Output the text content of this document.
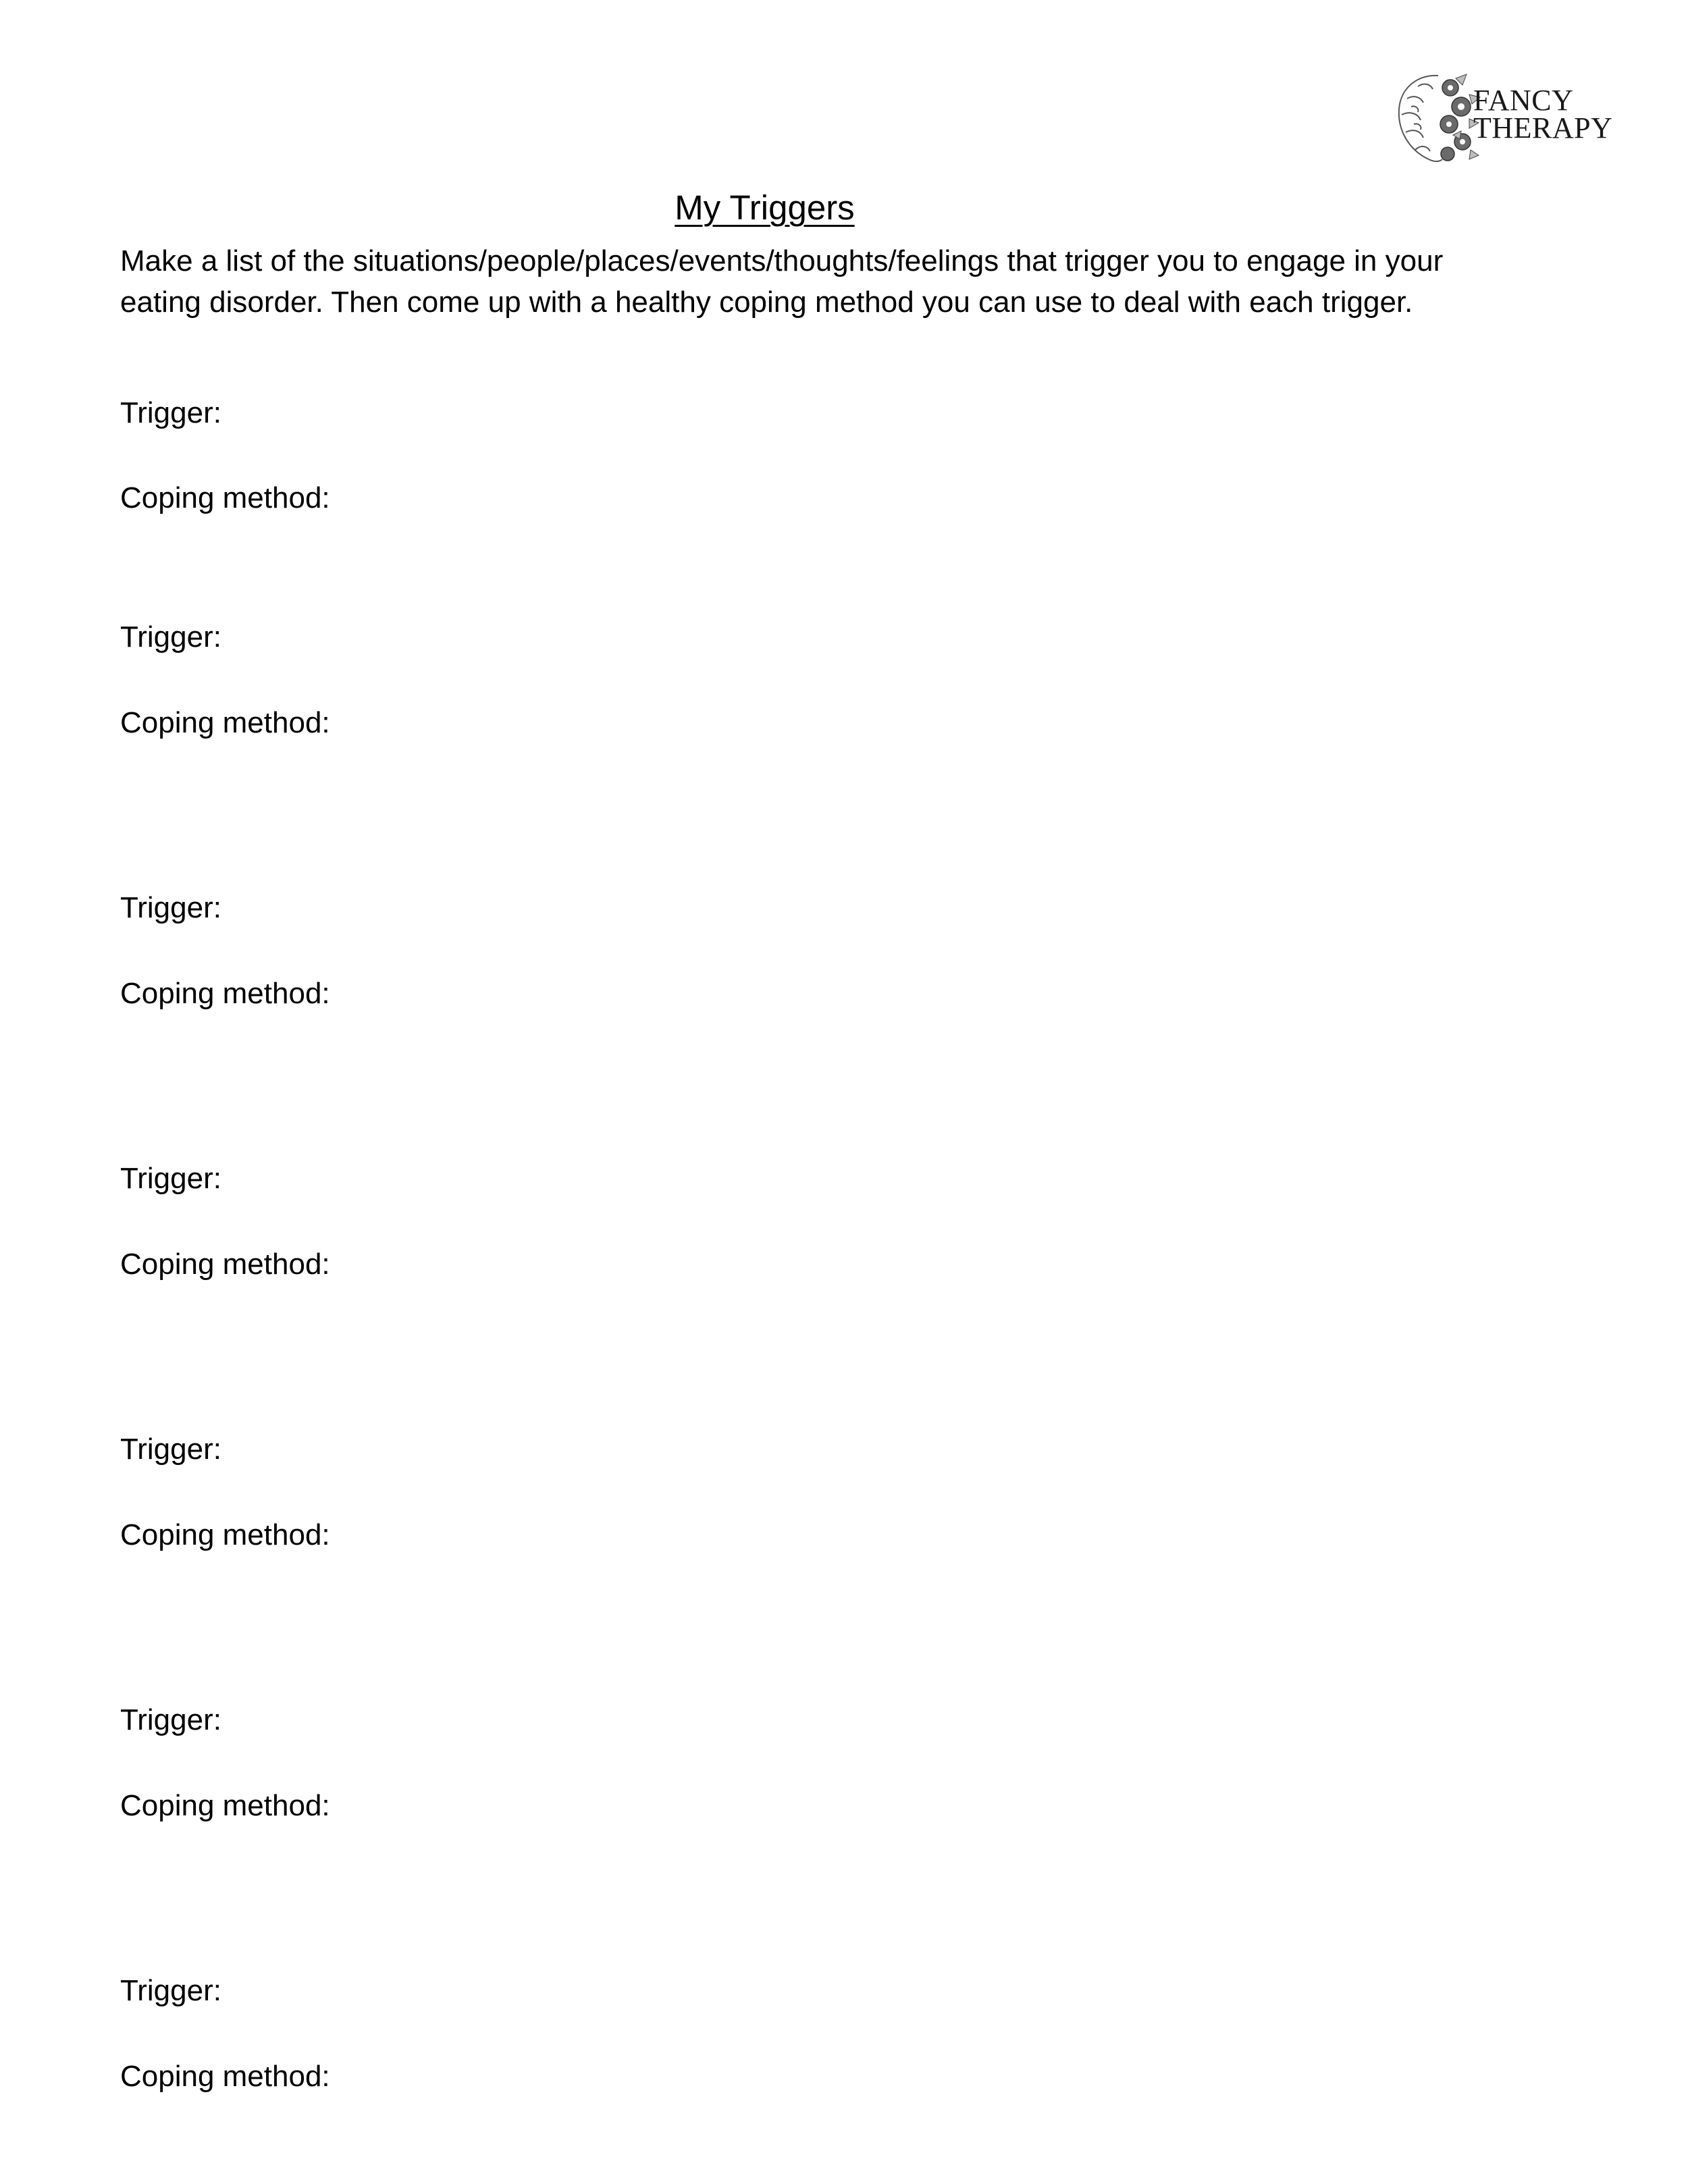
FANCY
THERAPY
My Triggers
Make a list of the situations/people/places/events/thoughts/feelings that trigger you to engage in your eating disorder. Then come up with a healthy coping method you can use to deal with each trigger.
Trigger:
Coping method:
Trigger:
Coping method:
Trigger:
Coping method:
Trigger:
Coping method:
Trigger:
Coping method:
Trigger:
Coping method:
Trigger:
Coping method:
